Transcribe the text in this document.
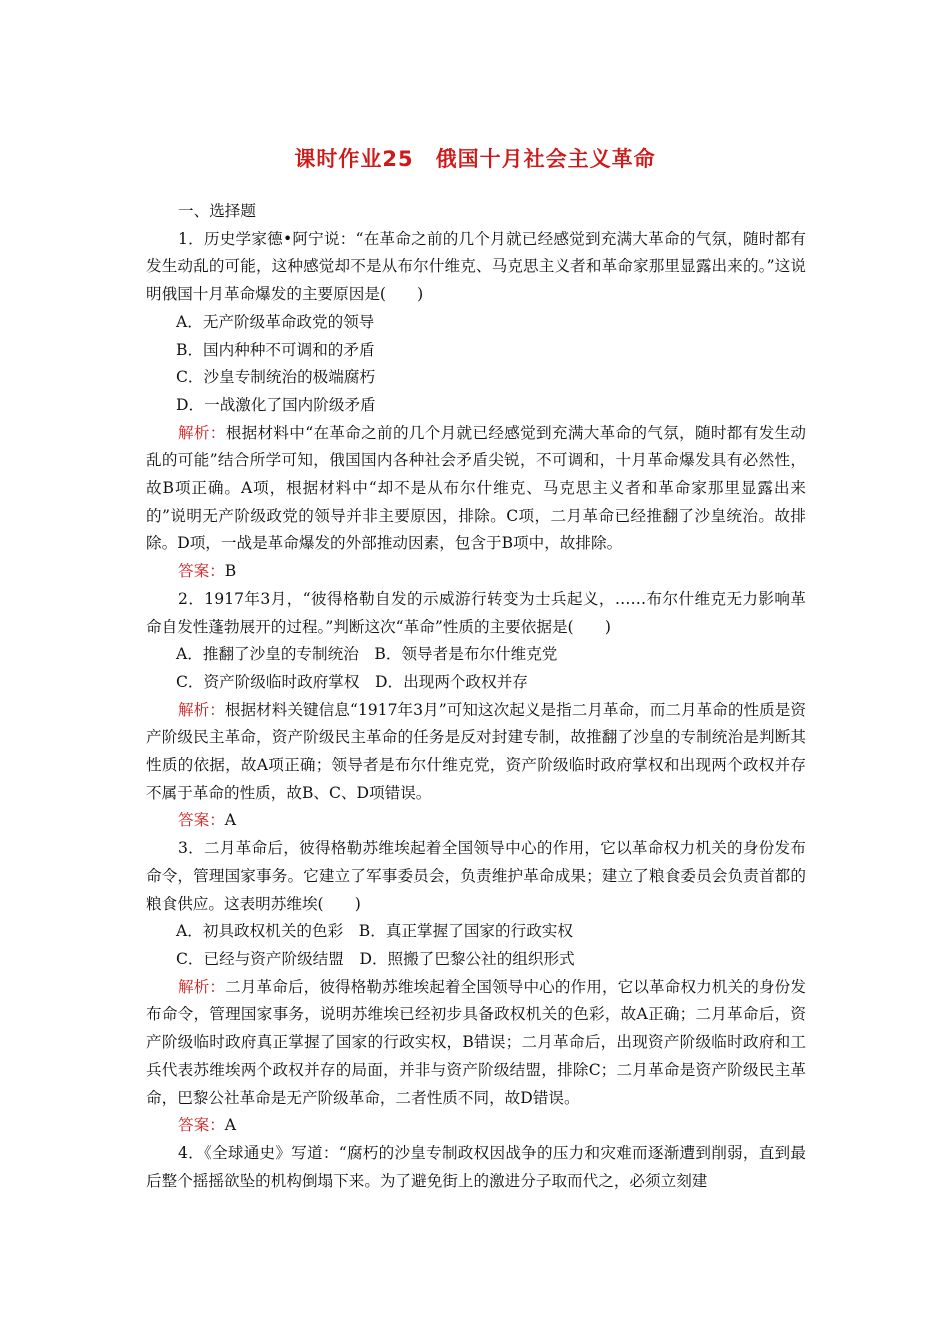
课时作业25　俄国十月社会主义革命

一、选择题

1．历史学家德•阿宁说：“在革命之前的几个月就已经感觉到充满大革命的气氛，随时都有发生动乱的可能，这种感觉却不是从布尔什维克、马克思主义者和革命家那里显露出来的。”这说明俄国十月革命爆发的主要原因是(　　)

A．无产阶级革命政党的领导

B．国内种种不可调和的矛盾

C．沙皇专制统治的极端腐朽

D．一战激化了国内阶级矛盾

解析：根据材料中“在革命之前的几个月就已经感觉到充满大革命的气氛，随时都有发生动乱的可能”结合所学可知，俄国国内各种社会矛盾尖锐，不可调和，十月革命爆发具有必然性，故B项正确。A项，根据材料中“却不是从布尔什维克、马克思主义者和革命家那里显露出来的”说明无产阶级政党的领导并非主要原因，排除。C项，二月革命已经推翻了沙皇统治。故排除。D项，一战是革命爆发的外部推动因素，包含于B项中，故排除。

答案：B

2．1917年3月，“彼得格勒自发的示威游行转变为士兵起义，……布尔什维克无力影响革命自发性蓬勃展开的过程。”判断这次“革命”性质的主要依据是(　　)

A．推翻了沙皇的专制统治　B．领导者是布尔什维克党

C．资产阶级临时政府掌权　D．出现两个政权并存

解析：根据材料关键信息“1917年3月”可知这次起义是指二月革命，而二月革命的性质是资产阶级民主革命，资产阶级民主革命的任务是反对封建专制，故推翻了沙皇的专制统治是判断其性质的依据，故A项正确；领导者是布尔什维克党，资产阶级临时政府掌权和出现两个政权并存不属于革命的性质，故B、C、D项错误。

答案：A

3．二月革命后，彼得格勒苏维埃起着全国领导中心的作用，它以革命权力机关的身份发布命令，管理国家事务。它建立了军事委员会，负责维护革命成果；建立了粮食委员会负责首都的粮食供应。这表明苏维埃(　　)

A．初具政权机关的色彩　B．真正掌握了国家的行政实权

C．已经与资产阶级结盟　D．照搬了巴黎公社的组织形式

解析：二月革命后，彼得格勒苏维埃起着全国领导中心的作用，它以革命权力机关的身份发布命令，管理国家事务，说明苏维埃已经初步具备政权机关的色彩，故A正确；二月革命后，资产阶级临时政府真正掌握了国家的行政实权，B错误；二月革命后，出现资产阶级临时政府和工兵代表苏维埃两个政权并存的局面，并非与资产阶级结盟，排除C；二月革命是资产阶级民主革命，巴黎公社革命是无产阶级革命，二者性质不同，故D错误。

答案：A

4．《全球通史》写道：“腐朽的沙皇专制政权因战争的压力和灾难而逐渐遭到削弱，直到最后整个摇摇欲坠的机构倒塌下来。为了避免街上的激进分子取而代之，必须立刻建
